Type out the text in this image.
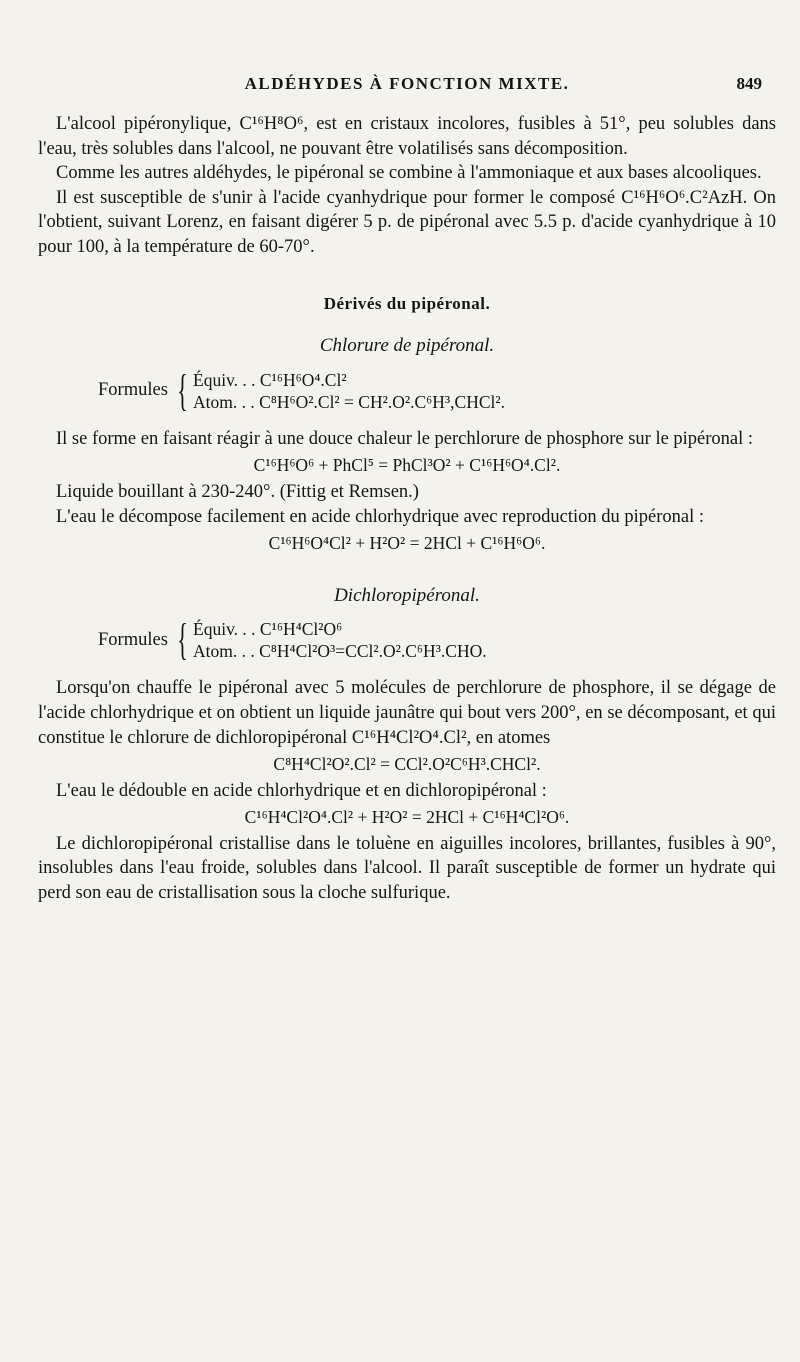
ALDÉHYDES À FONCTION MIXTE.	849

L'alcool pipéronylique, C¹⁶H⁸O⁶, est en cristaux incolores, fusibles à 51°, peu solubles dans l'eau, très solubles dans l'alcool, ne pouvant être volatilisés sans décomposition.

Comme les autres aldéhydes, le pipéronal se combine à l'ammoniaque et aux bases alcooliques.

Il est susceptible de s'unir à l'acide cyanhydrique pour former le composé C¹⁶H⁶O⁶.C²AzH. On l'obtient, suivant Lorenz, en faisant digérer 5 p. de pipéronal avec 5.5 p. d'acide cyanhydrique à 10 pour 100, à la température de 60-70°.

Dérivés du pipéronal.
Chlorure de pipéronal.
Formules { Équiv. . . C¹⁶H⁶O⁴.Cl²
Atom. . . C⁸H⁶O².Cl² = CH².O².C⁶H³,CHCl².

Il se forme en faisant réagir à une douce chaleur le perchlorure de phosphore sur le pipéronal :

C¹⁶H⁶O⁶ + PhCl⁵ = PhCl³O² + C¹⁶H⁶O⁴.Cl².

Liquide bouillant à 230-240°. (Fittig et Remsen.)

L'eau le décompose facilement en acide chlorhydrique avec reproduction du pipéronal :

C¹⁶H⁶O⁴Cl² + H²O² = 2HCl + C¹⁶H⁶O⁶.
Dichloropipéronal.
Formules { Équiv. . . C¹⁶H⁴Cl²O⁶
Atom. . . C⁸H⁴Cl²O³=CCl².O².C⁶H³.CHO.

Lorsqu'on chauffe le pipéronal avec 5 molécules de perchlorure de phosphore, il se dégage de l'acide chlorhydrique et on obtient un liquide jaunâtre qui bout vers 200°, en se décomposant, et qui constitue le chlorure de dichloropipéronal C¹⁶H⁴Cl²O⁴.Cl², en atomes

C⁸H⁴Cl²O².Cl² = CCl².O²C⁶H³.CHCl².

L'eau le dédouble en acide chlorhydrique et en dichloropipéronal :

C¹⁶H⁴Cl²O⁴.Cl² + H²O² = 2HCl + C¹⁶H⁴Cl²O⁶.

Le dichloropipéronal cristallise dans le toluène en aiguilles incolores, brillantes, fusibles à 90°, insolubles dans l'eau froide, solubles dans l'alcool. Il paraît susceptible de former un hydrate qui perd son eau de cristallisation sous la cloche sulfurique.
